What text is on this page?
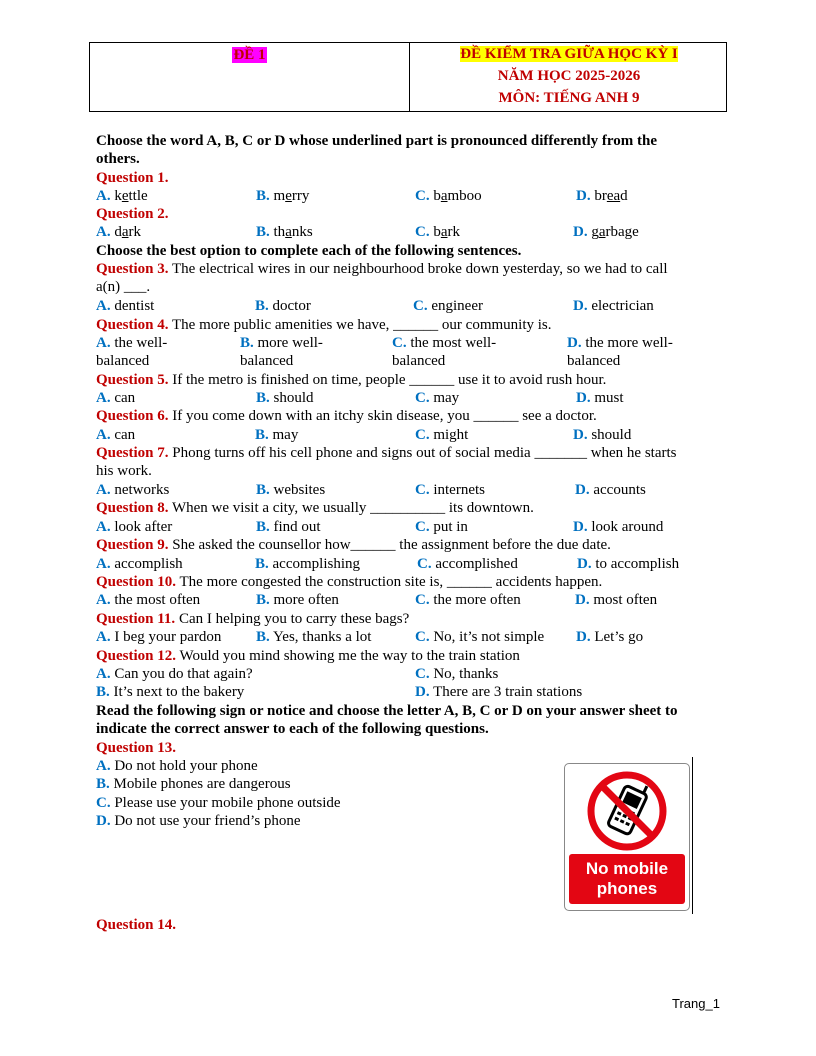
ĐỀ 1	ĐỀ KIỂM TRA GIỮA HỌC KỲ I
NĂM HỌC 2025-2026
MÔN: TIẾNG ANH 9
Choose the word A, B, C or D whose underlined part is pronounced differently from the
others.
Question 1.
A. kettle	B. merry	C. bamboo	D. bread
Question 2.
A. dark	B. thanks	C. bark	D. garbage
Choose the best option to complete each of the following sentences.
Question 3. The electrical wires in our neighbourhood broke down yesterday, so we had to call
a(n) ___.
A. dentist	B. doctor	C. engineer	D. electrician
Question 4. The more public amenities we have, ______ our community is.
A. the well-
balanced
B. more well-
balanced
C. the most well-
balanced
D. the more well-
balanced
Question 5. If the metro is finished on time, people ______ use it to avoid rush hour.
A. can	B. should	C. may	D. must
Question 6. If you come down with an itchy skin disease, you ______ see a doctor.
A. can	B. may	C. might	D. should
Question 7. Phong turns off his cell phone and signs out of social media _______ when he starts
his work.
A. networks	B. websites	C. internets	D. accounts
Question 8. When we visit a city, we usually __________ its downtown.
A. look after	B. find out	C. put in	D. look around
Question 9. She asked the counsellor how______ the assignment before the due date.
A. accomplish	B. accomplishing	C. accomplished	D. to accomplish
Question 10. The more congested the construction site is, ______ accidents happen.
A. the most often	B. more often	C. the more often	D. most often
Question 11. Can I helping you to carry these bags?
A. I beg your pardon B. Yes, thanks a lot	C. No, it’s not simple D. Let’s go
Question 12. Would you mind showing me the way to the train station
A. Can you do that again?	C. No, thanks
B. It’s next to the bakery	D. There are 3 train stations
Read the following sign or notice and choose the letter A, B, C or D on your answer sheet to
indicate the correct answer to each of the following questions.
Question 13.
A. Do not hold your phone
B. Mobile phones are dangerous
C. Please use your mobile phone outside
D. Do not use your friend’s phone
No mobile
phones
Question 14.
Trang_1
